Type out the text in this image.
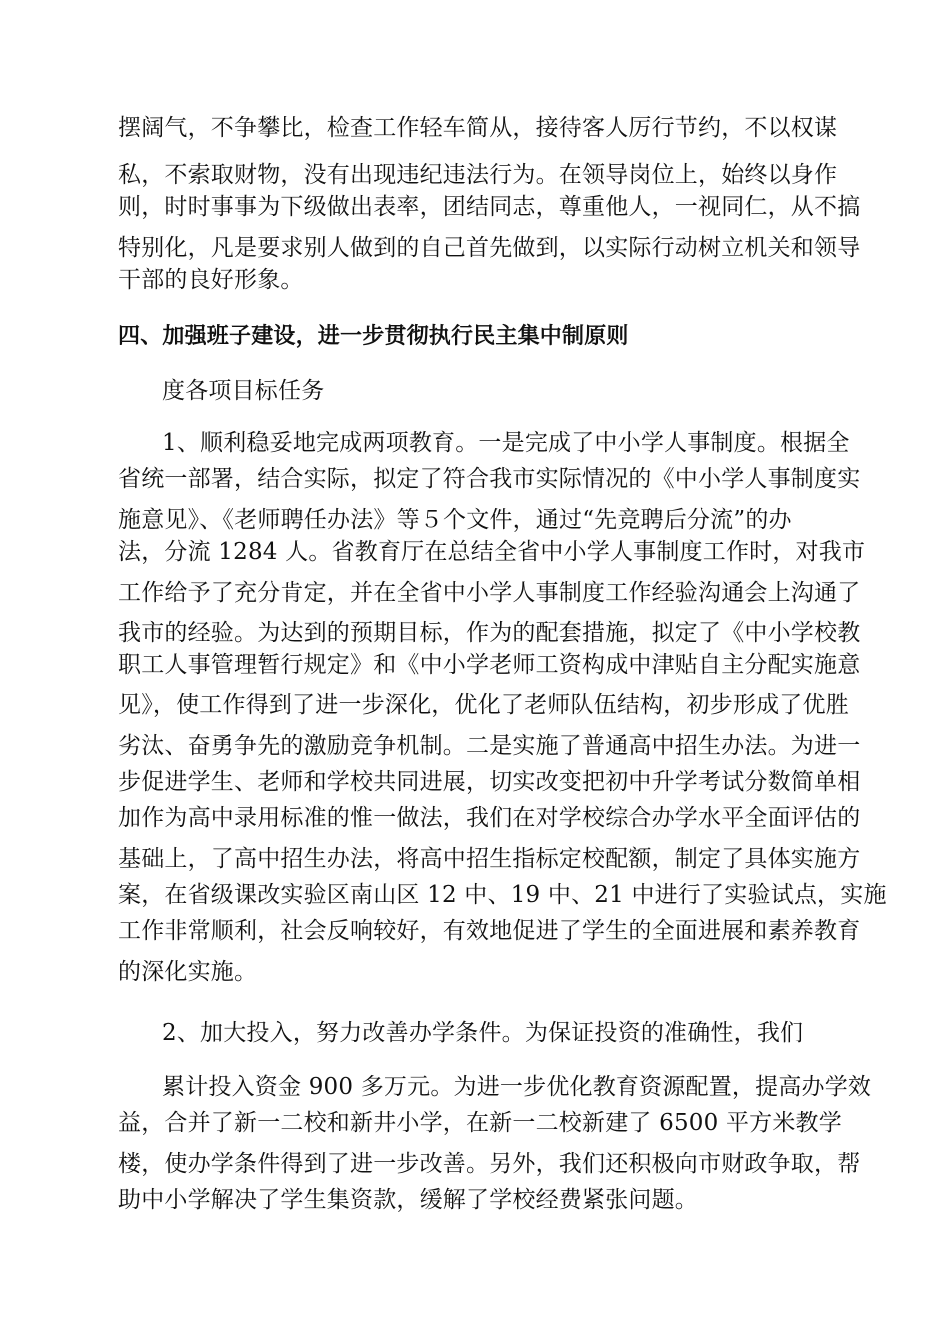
摆阔气，不争攀比，检查工作轻车简从，接待客人厉行节约，不以权谋
私，不索取财物，没有出现违纪违法行为。在领导岗位上，始终以身作
则，时时事事为下级做出表率，团结同志，尊重他人，一视同仁，从不搞
特别化，凡是要求别人做到的自己首先做到，以实际行动树立机关和领导
干部的良好形象。
四、加强班子建设，进一步贯彻执行民主集中制原则
度各项目标任务
1、顺利稳妥地完成两项教育。一是完成了中小学人事制度。根据全
省统一部署，结合实际，拟定了符合我市实际情况的《中小学人事制度实
施意见》、《老师聘任办法》等５个文件，通过“先竞聘后分流”的办
法，分流 1284 人。省教育厅在总结全省中小学人事制度工作时，对我市
工作给予了充分肯定，并在全省中小学人事制度工作经验沟通会上沟通了
我市的经验。为达到的预期目标，作为的配套措施，拟定了《中小学校教
职工人事管理暂行规定》和《中小学老师工资构成中津贴自主分配实施意
见》，使工作得到了进一步深化，优化了老师队伍结构，初步形成了优胜
劣汰、奋勇争先的激励竞争机制。二是实施了普通高中招生办法。为进一
步促进学生、老师和学校共同进展，切实改变把初中升学考试分数简单相
加作为高中录用标准的惟一做法，我们在对学校综合办学水平全面评估的
基础上，了高中招生办法，将高中招生指标定校配额，制定了具体实施方
案，在省级课改实验区南山区 12 中、19 中、21 中进行了实验试点，实施
工作非常顺利，社会反响较好，有效地促进了学生的全面进展和素养教育
的深化实施。
2、加大投入，努力改善办学条件。为保证投资的准确性，我们
累计投入资金 900 多万元。为进一步优化教育资源配置，提高办学效
益，合并了新一二校和新井小学，在新一二校新建了 6500 平方米教学
楼，使办学条件得到了进一步改善。另外，我们还积极向市财政争取，帮
助中小学解决了学生集资款，缓解了学校经费紧张问题。
